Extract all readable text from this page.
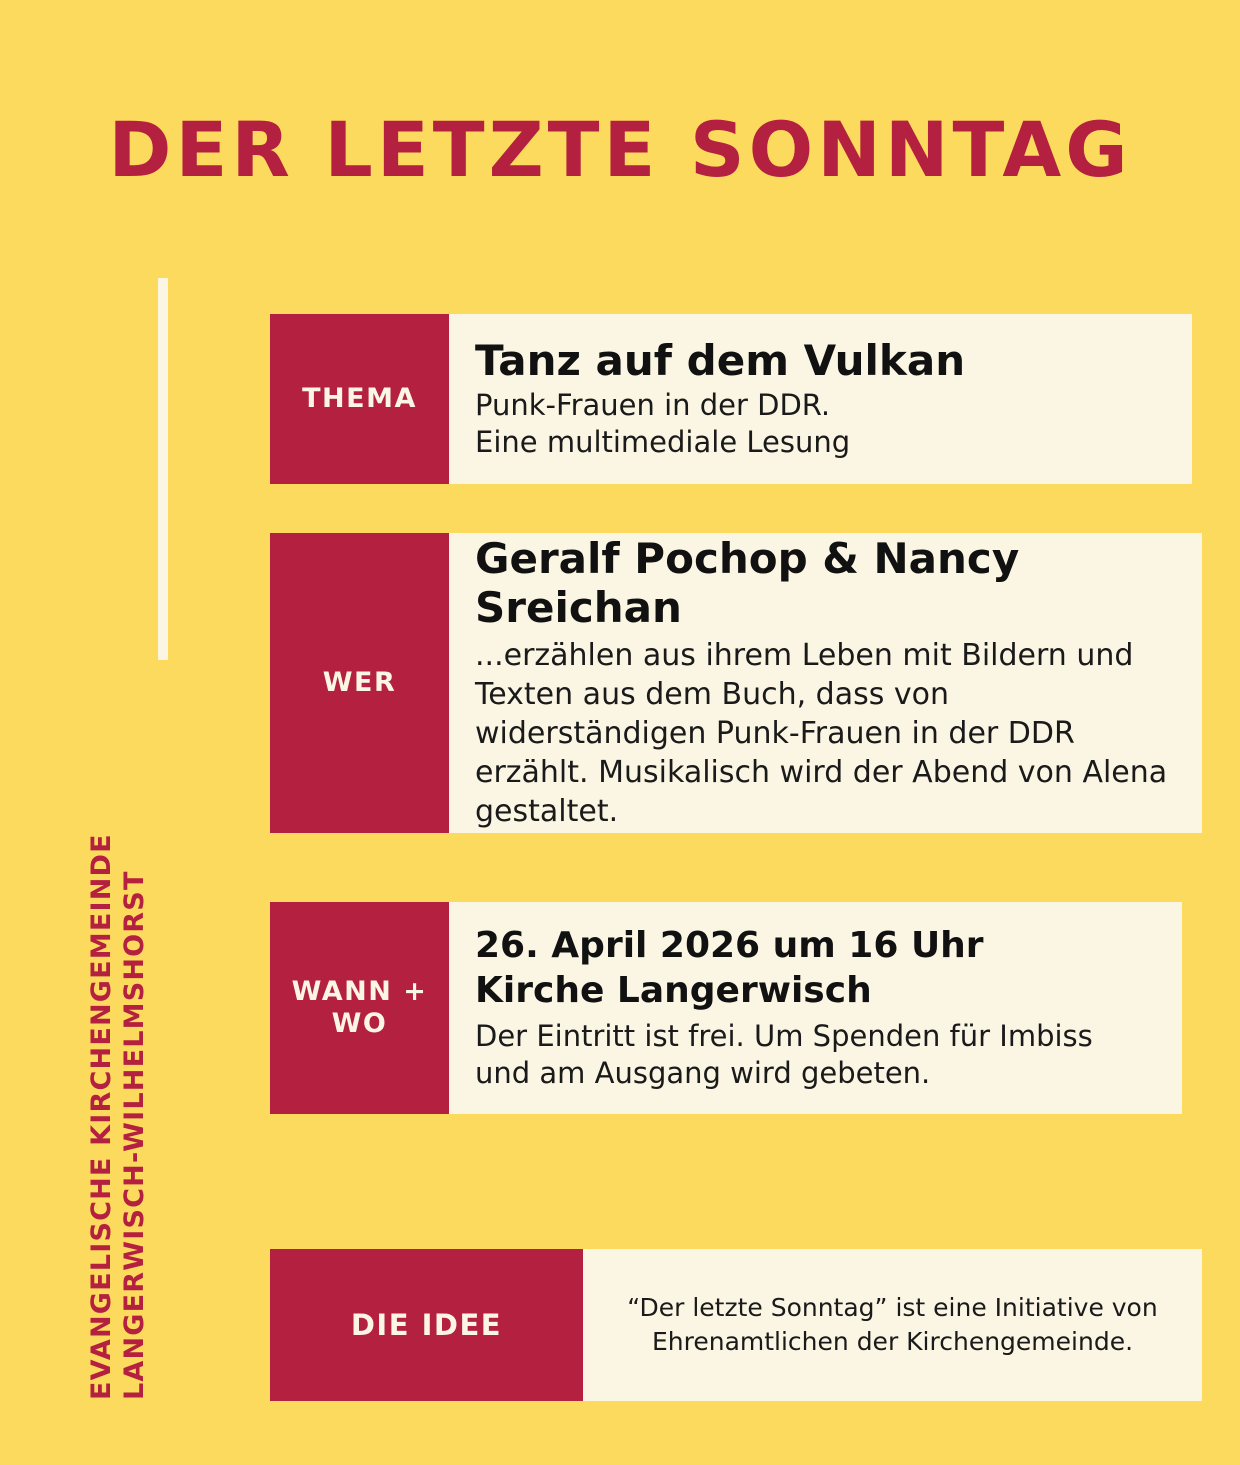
DER LETZTE SONNTAG
EVANGELISCHE KIRCHENGEMEINDE LANGERWISCH-WILHELMSHORST
THEMA
Tanz auf dem Vulkan
Punk-Frauen in der DDR.
Eine multimediale Lesung
WER
Geralf Pochop & Nancy Sreichan
...erzählen aus ihrem Leben mit Bildern und Texten aus dem Buch, dass von widerständigen Punk-Frauen in der DDR erzählt. Musikalisch wird der Abend von Alena gestaltet.
WANN + WO
26. April 2026 um 16 Uhr
Kirche Langerwisch
Der Eintritt ist frei. Um Spenden für Imbiss und am Ausgang wird gebeten.
DIE IDEE	“Der letzte Sonntag” ist eine Initiative von Ehrenamtlichen der Kirchengemeinde.
